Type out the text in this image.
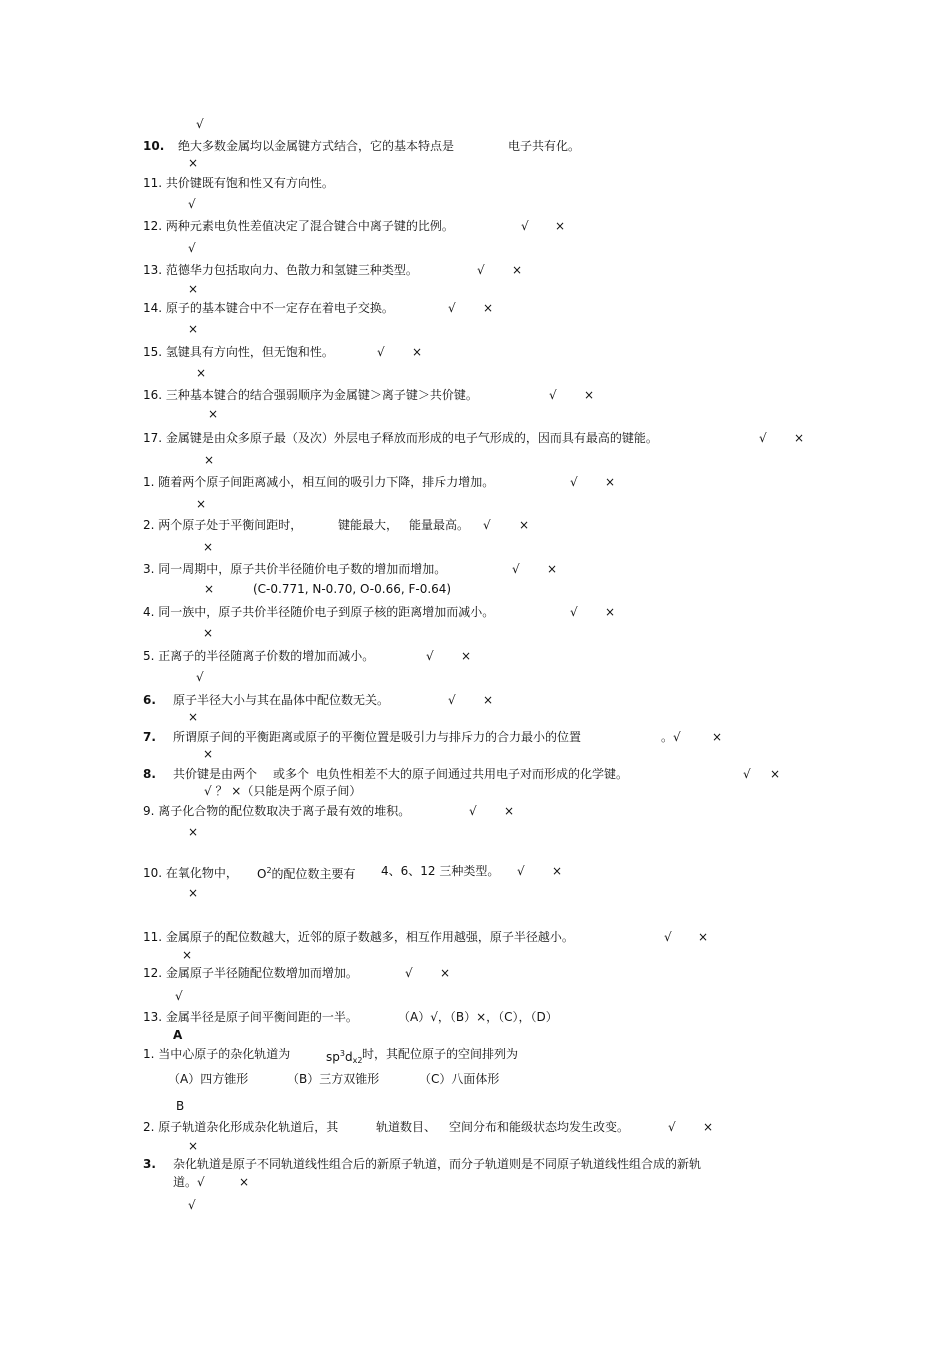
√
10. 绝大多数金属均以金属键方式结合，它的基本特点是	电子共有化。
×
11. 共价键既有饱和性又有方向性。
√
12. 两种元素电负性差值决定了混合键合中离子键的比例。	√ ×
√
13. 范德华力包括取向力、色散力和氢键三种类型。	√ ×
×
14. 原子的基本键合中不一定存在着电子交换。	√ ×
×
15. 氢键具有方向性，但无饱和性。	√ ×
×
16. 三种基本键合的结合强弱顺序为金属键＞离子键＞共价键。	√ ×
×
17. 金属键是由众多原子最（及次）外层电子释放而形成的电子气形成的，因而具有最高的键能。	√ ×
×
1. 随着两个原子间距离减小，相互间的吸引力下降，排斥力增加。	√ ×
×
2. 两个原子处于平衡间距时，	键能最大， 能量最高。 √ ×
×
3. 同一周期中，原子共价半径随价电子数的增加而增加。	√ ×
×	(C-0.771, N-0.70, O-0.66, F-0.64)
4. 同一族中，原子共价半径随价电子到原子核的距离增加而减小。	√ ×
×
5. 正离子的半径随离子价数的增加而减小。	√ ×
√
6. 原子半径大小与其在晶体中配位数无关。	√ ×
×
7. 所谓原子间的平衡距离或原子的平衡位置是吸引力与排斥力的合力最小的位置	。√	×
×
8. 共价键是由两个 或多个 电负性相差不大的原子间通过共用电子对而形成的化学键。	√ ×
√ ？ ×（只能是两个原子间）
9. 离子化合物的配位数取决于离子最有效的堆积。	√ ×
×
10. 在氧化物中，	4、6、12 三种类型。 √ ×
×
11. 金属原子的配位数越大，近邻的原子数越多，相互作用越强，原子半径越小。	√ ×
×
12. 金属原子半径随配位数增加而增加。	√ ×
√
13. 金属半径是原子间平衡间距的一半。	（A）√，（B）×，（C），（D）
A
1. 当中心原子的杂化轨道为	时，其配位原子的空间排列为
（A）四方锥形	（B）三方双锥形	（C）八面体形
B
2. 原子轨道杂化形成杂化轨道后，其	轨道数目、 空间分布和能级状态均发生改变。	√ ×
×
3. 杂化轨道是原子不同轨道线性组合后的新原子轨道，而分子轨道则是不同原子轨道线性组合成的新轨
道。√	×
√
$O^2$的配位数主要有
$sp^3d_{x2}$
